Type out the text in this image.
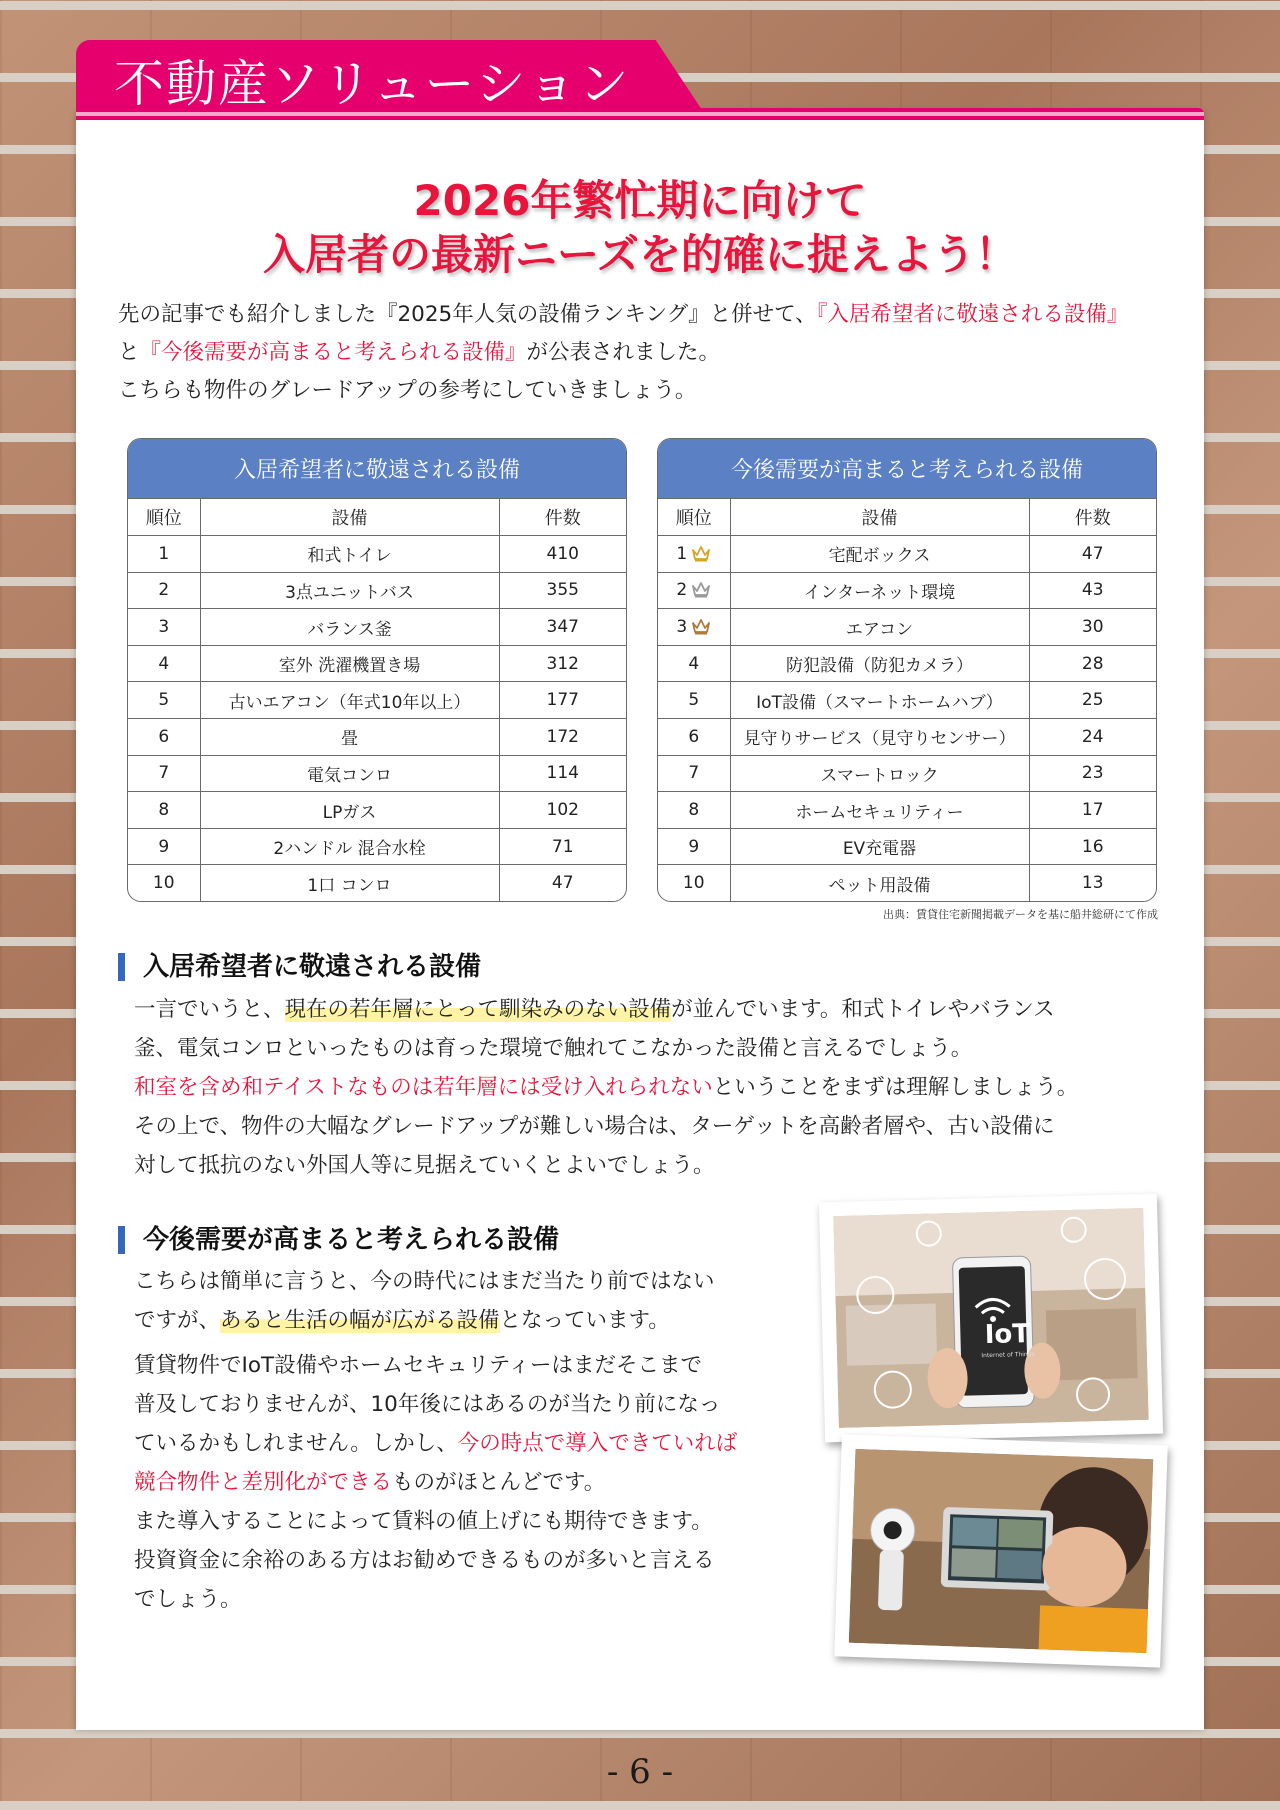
不動産ソリューション
2026年繁忙期に向けて
入居者の最新ニーズを的確に捉えよう！
先の記事でも紹介しました『2025年人気の設備ランキング』と併せて、『入居希望者に敬遠される設備』
と『今後需要が高まると考えられる設備』が公表されました。
こちらも物件のグレードアップの参考にしていきましょう。
入居希望者に敬遠される設備
順位	設備	件数
1	和式トイレ	410
2	3点ユニットバス	355
3	バランス釜	347
4	室外 洗濯機置き場	312
5	古いエアコン（年式10年以上）	177
6	畳	172
7	電気コンロ	114
8	LPガス	102
9	2ハンドル 混合水栓	71
10	1口 コンロ	47
今後需要が高まると考えられる設備
順位	設備	件数
1	宅配ボックス	47
2	インターネット環境	43
3	エアコン	30
4	防犯設備（防犯カメラ）	28
5	IoT設備（スマートホームハブ）	25
6	見守りサービス（見守りセンサー）	24
7	スマートロック	23
8	ホームセキュリティー	17
9	EV充電器	16
10	ペット用設備	13
出典：賃貸住宅新聞掲載データを基に船井総研にて作成
入居希望者に敬遠される設備
一言でいうと、現在の若年層にとって馴染みのない設備が並んでいます。和式トイレやバランス
釜、電気コンロといったものは育った環境で触れてこなかった設備と言えるでしょう。
和室を含め和テイストなものは若年層には受け入れられないということをまずは理解しましょう。
その上で、物件の大幅なグレードアップが難しい場合は、ターゲットを高齢者層や、古い設備に
対して抵抗のない外国人等に見据えていくとよいでしょう。
今後需要が高まると考えられる設備
こちらは簡単に言うと、今の時代にはまだ当たり前ではない
ですが、あると生活の幅が広がる設備となっています。
賃貸物件でIoT設備やホームセキュリティーはまだそこまで
普及しておりませんが、10年後にはあるのが当たり前になっ
ているかもしれません。しかし、今の時点で導入できていれば
競合物件と差別化ができるものがほとんどです。
また導入することによって賃料の値上げにも期待できます。
投資資金に余裕のある方はお勧めできるものが多いと言える
でしょう。
IoT
Internet of Things
- 6 -
